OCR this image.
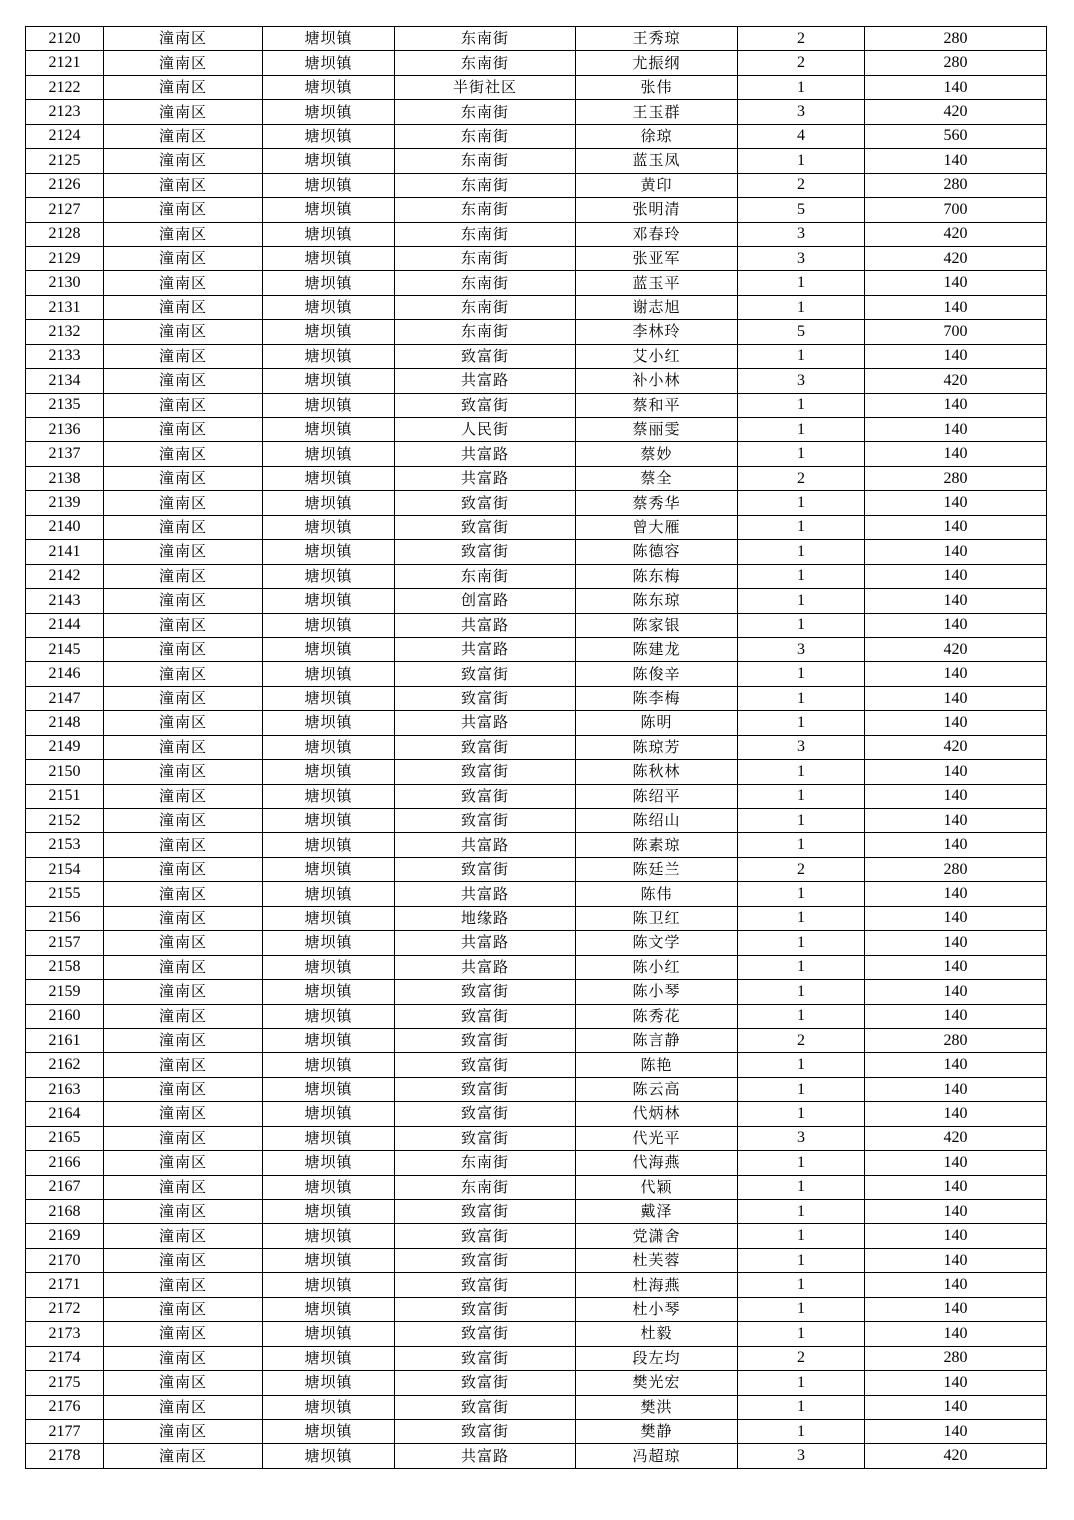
2120	潼南区	塘坝镇	东南街	王秀琼	2	280
2121	潼南区	塘坝镇	东南街	尤振纲	2	280
2122	潼南区	塘坝镇	半街社区	张伟	1	140
2123	潼南区	塘坝镇	东南街	王玉群	3	420
2124	潼南区	塘坝镇	东南街	徐琼	4	560
2125	潼南区	塘坝镇	东南街	蓝玉凤	1	140
2126	潼南区	塘坝镇	东南街	黄印	2	280
2127	潼南区	塘坝镇	东南街	张明清	5	700
2128	潼南区	塘坝镇	东南街	邓春玲	3	420
2129	潼南区	塘坝镇	东南街	张亚军	3	420
2130	潼南区	塘坝镇	东南街	蓝玉平	1	140
2131	潼南区	塘坝镇	东南街	谢志旭	1	140
2132	潼南区	塘坝镇	东南街	李林玲	5	700
2133	潼南区	塘坝镇	致富街	艾小红	1	140
2134	潼南区	塘坝镇	共富路	补小林	3	420
2135	潼南区	塘坝镇	致富街	蔡和平	1	140
2136	潼南区	塘坝镇	人民街	蔡丽雯	1	140
2137	潼南区	塘坝镇	共富路	蔡妙	1	140
2138	潼南区	塘坝镇	共富路	蔡全	2	280
2139	潼南区	塘坝镇	致富街	蔡秀华	1	140
2140	潼南区	塘坝镇	致富街	曾大雁	1	140
2141	潼南区	塘坝镇	致富街	陈德容	1	140
2142	潼南区	塘坝镇	东南街	陈东梅	1	140
2143	潼南区	塘坝镇	创富路	陈东琼	1	140
2144	潼南区	塘坝镇	共富路	陈家银	1	140
2145	潼南区	塘坝镇	共富路	陈建龙	3	420
2146	潼南区	塘坝镇	致富街	陈俊辛	1	140
2147	潼南区	塘坝镇	致富街	陈李梅	1	140
2148	潼南区	塘坝镇	共富路	陈明	1	140
2149	潼南区	塘坝镇	致富街	陈琼芳	3	420
2150	潼南区	塘坝镇	致富街	陈秋林	1	140
2151	潼南区	塘坝镇	致富街	陈绍平	1	140
2152	潼南区	塘坝镇	致富街	陈绍山	1	140
2153	潼南区	塘坝镇	共富路	陈素琼	1	140
2154	潼南区	塘坝镇	致富街	陈廷兰	2	280
2155	潼南区	塘坝镇	共富路	陈伟	1	140
2156	潼南区	塘坝镇	地缘路	陈卫红	1	140
2157	潼南区	塘坝镇	共富路	陈文学	1	140
2158	潼南区	塘坝镇	共富路	陈小红	1	140
2159	潼南区	塘坝镇	致富街	陈小琴	1	140
2160	潼南区	塘坝镇	致富街	陈秀花	1	140
2161	潼南区	塘坝镇	致富街	陈言静	2	280
2162	潼南区	塘坝镇	致富街	陈艳	1	140
2163	潼南区	塘坝镇	致富街	陈云高	1	140
2164	潼南区	塘坝镇	致富街	代炳林	1	140
2165	潼南区	塘坝镇	致富街	代光平	3	420
2166	潼南区	塘坝镇	东南街	代海燕	1	140
2167	潼南区	塘坝镇	东南街	代颖	1	140
2168	潼南区	塘坝镇	致富街	戴泽	1	140
2169	潼南区	塘坝镇	致富街	党潇舍	1	140
2170	潼南区	塘坝镇	致富街	杜芙蓉	1	140
2171	潼南区	塘坝镇	致富街	杜海燕	1	140
2172	潼南区	塘坝镇	致富街	杜小琴	1	140
2173	潼南区	塘坝镇	致富街	杜毅	1	140
2174	潼南区	塘坝镇	致富街	段左均	2	280
2175	潼南区	塘坝镇	致富街	樊光宏	1	140
2176	潼南区	塘坝镇	致富街	樊洪	1	140
2177	潼南区	塘坝镇	致富街	樊静	1	140
2178	潼南区	塘坝镇	共富路	冯超琼	3	420
